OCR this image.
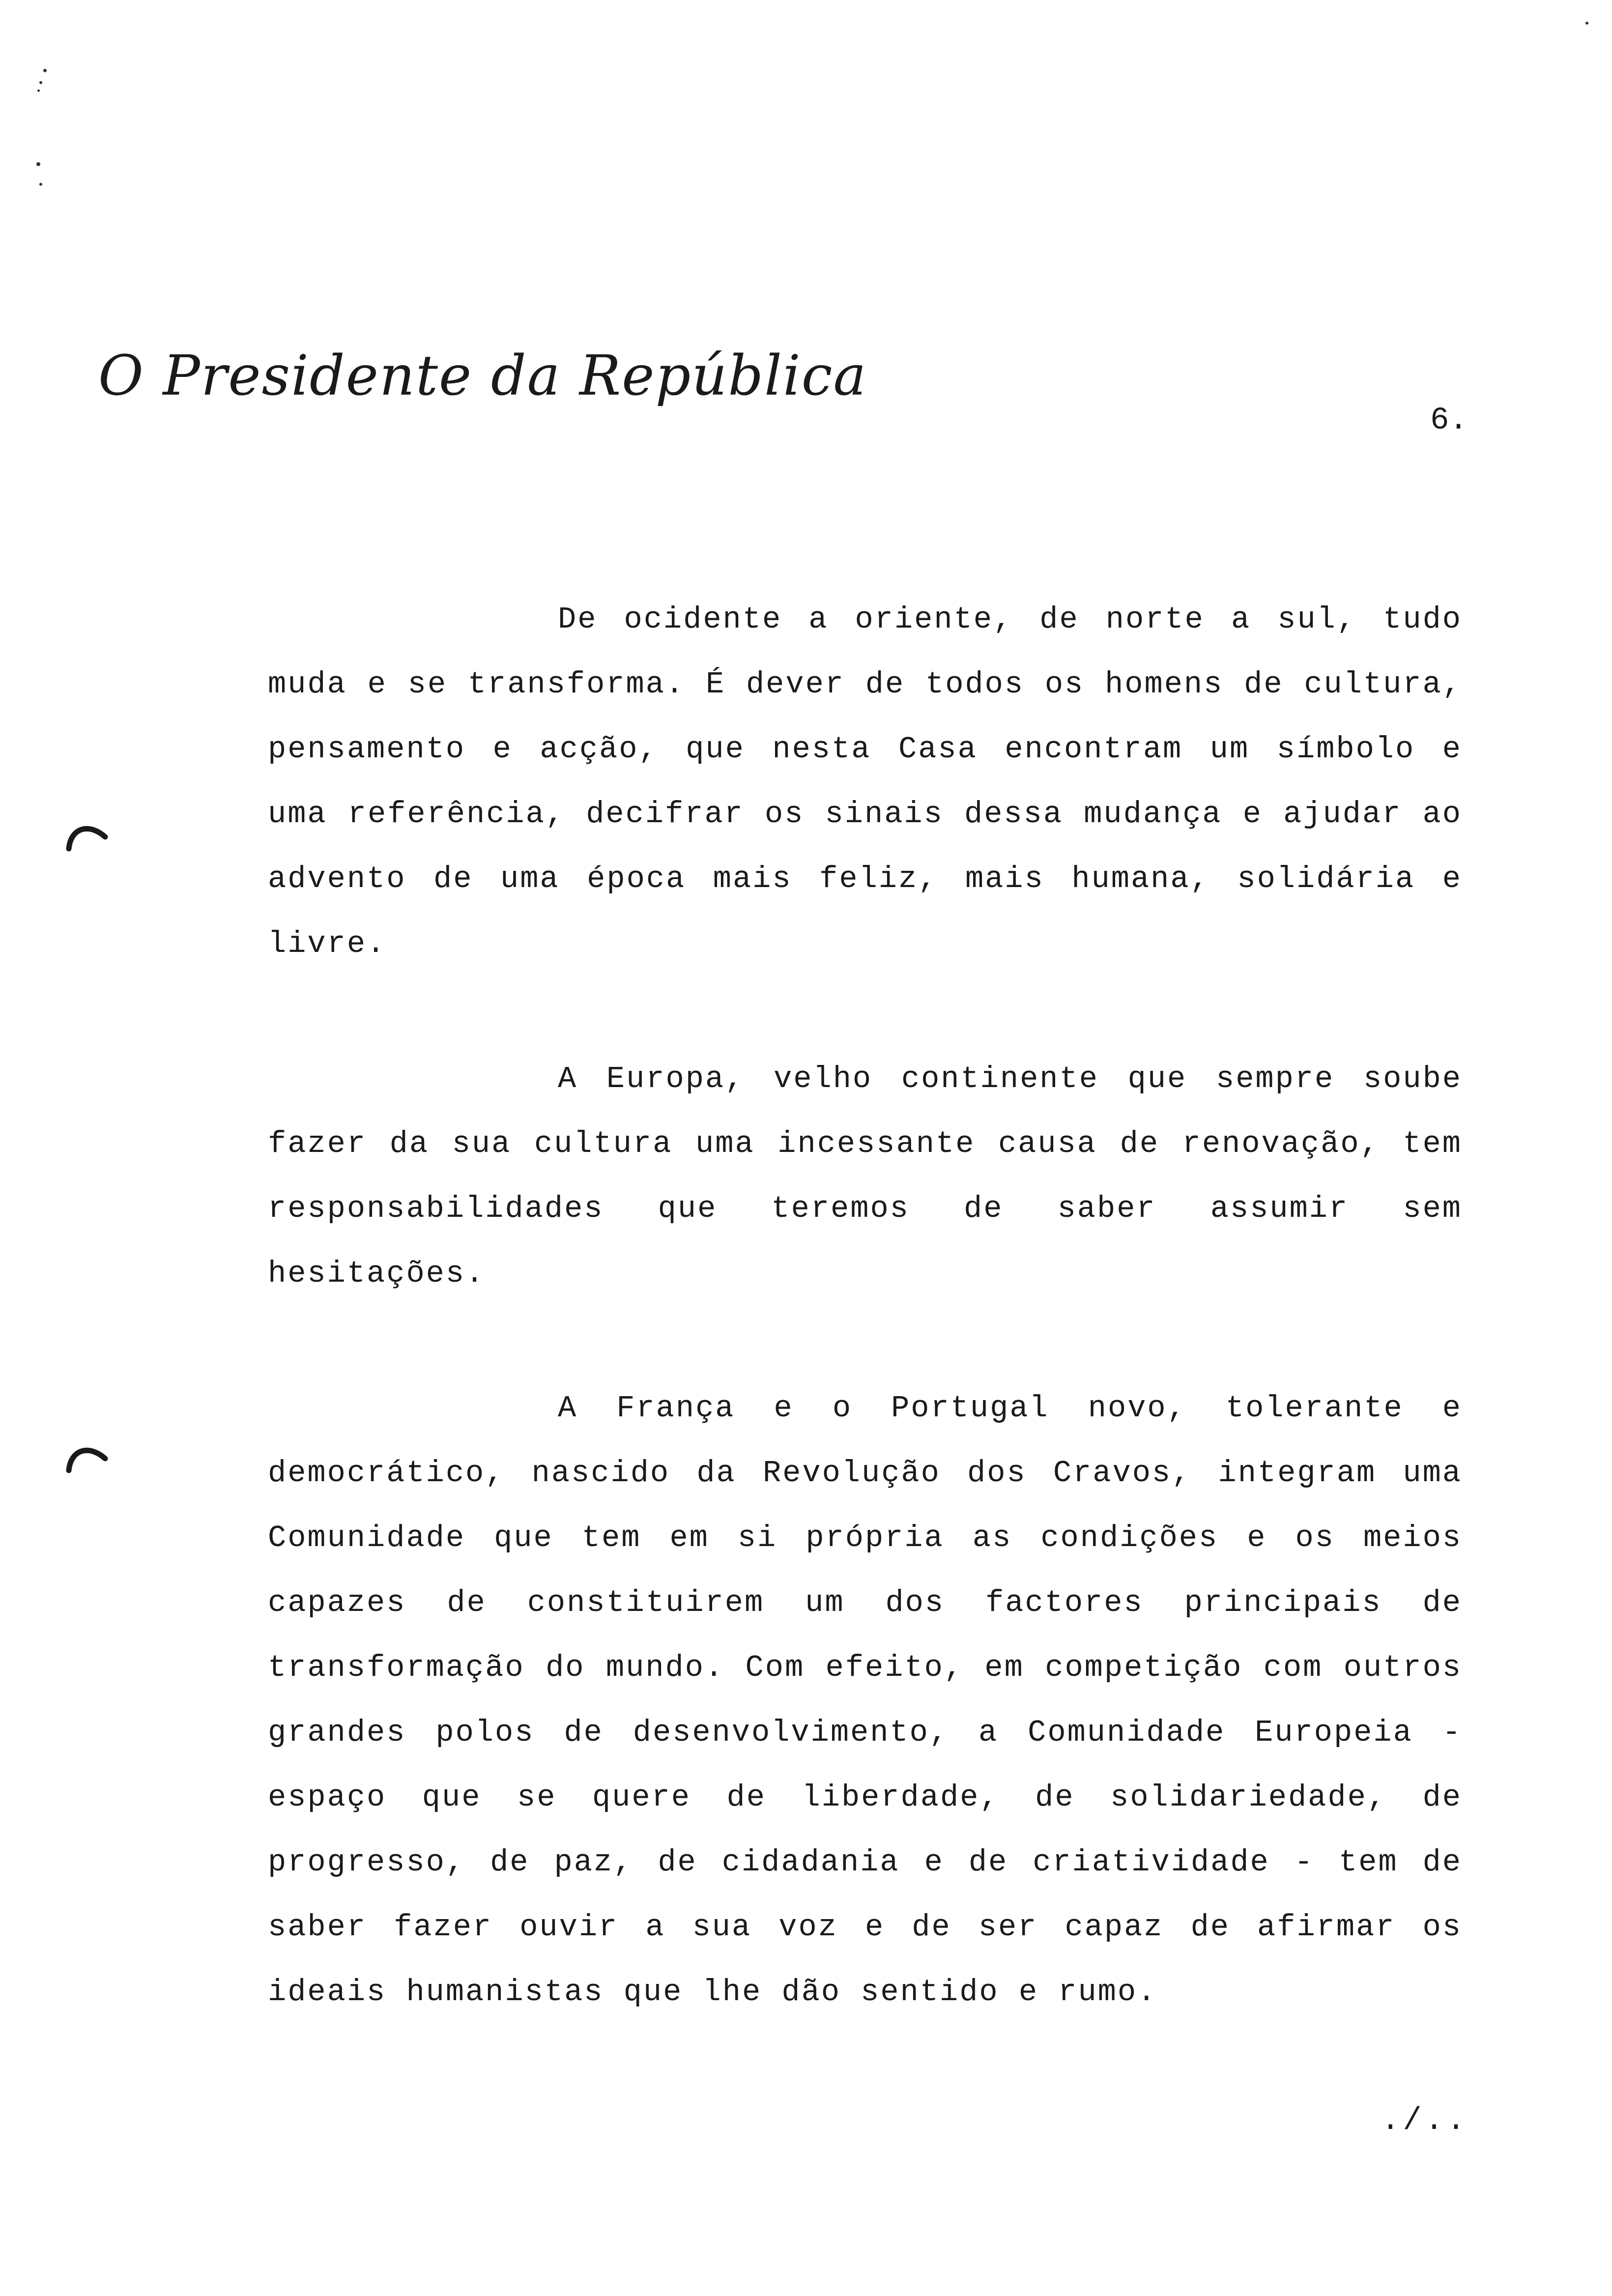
O Presidente da República
6.

De ocidente a oriente, de norte a sul, tudo muda e se transforma. É dever de todos os homens de cultura, pensamento e acção, que nesta Casa encontram um símbolo e uma referência, decifrar os sinais dessa mudança e ajudar ao advento de uma época mais feliz, mais humana, solidária e livre.

A Europa, velho continente que sempre soube fazer da sua cultura uma incessante causa de renovação, tem responsabilidades que teremos de saber assumir sem hesitações.

A França e o Portugal novo, tolerante e democrático, nascido da Revolução dos Cravos, integram uma Comunidade que tem em si própria as condições e os meios capazes de constituirem um dos factores principais de transformação do mundo. Com efeito, em competição com outros grandes polos de desenvolvimento, a Comunidade Europeia - espaço que se quere de liberdade, de solidariedade, de progresso, de paz, de cidadania e de criatividade - tem de saber fazer ouvir a sua voz e de ser capaz de afirmar os ideais humanistas que lhe dão sentido e rumo.

./..
